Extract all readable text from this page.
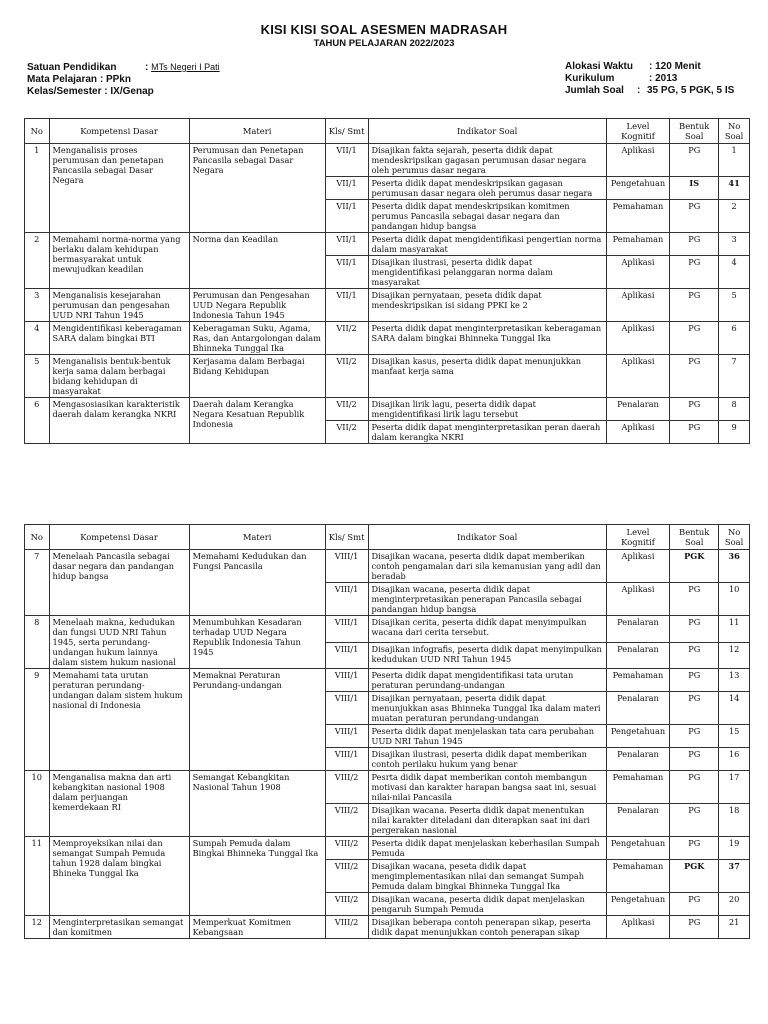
KISI KISI SOAL ASESMEN MADRASAH
TAHUN PELAJARAN 2022/2023
Satuan Pendidikan	: MTs Negeri I Pati
Mata Pelajaran : PPkn
Kelas/Semester : IX/Genap
Alokasi Waktu : 120 Menit
Kurikulum	: 2013
Jumlah Soal	: 35 PG, 5 PGK, 5 IS
No	Kompetensi Dasar	Materi	Kls/ Smt	Indikator Soal	Level Kognitif	Bentuk Soal	No Soal
1	Menganalisis proses perumusan dan penetapan Pancasila sebagai Dasar Negara	Perumusan dan Penetapan Pancasila sebagai Dasar Negara	VII/1	Disajikan fakta sejarah, peserta didik dapat mendeskripsikan gagasan perumusan dasar negara oleh perumus dasar negara	Aplikasi	PG	1
			VII/1	Peserta didik dapat mendeskripsikan gagasan perumusan dasar negara oleh perumus dasar negara	Pengetahuan	IS	41
			VII/1	Peserta didik dapat mendeskripsikan komitmen perumus Pancasila sebagai dasar negara dan pandangan hidup bangsa	Pemahaman	PG	2
2	Memahami norma-norma yang berlaku dalam kehidupan bermasyarakat untuk mewujudkan keadilan	Norma dan Keadilan	VII/1	Peserta didik dapat mengidentifikasi pengertian norma dalam masyarakat	Pemahaman	PG	3
			VII/1	Disajikan ilustrasi, peserta didik dapat mengidentifikasi pelanggaran norma dalam masyarakat	Aplikasi	PG	4
3	Menganalisis kesejarahan perumusan dan pengesahan UUD NRI Tahun 1945	Perumusan dan Pengesahan UUD Negara Republik Indonesia Tahun 1945	VII/1	Disajikan pernyataan, peseta didik dapat mendeskripsikan isi sidang PPKI ke 2	Aplikasi	PG	5
4	Mengidentifikasi keberagaman SARA dalam bingkai BTI	Keberagaman Suku, Agama, Ras, dan Antargolongan dalam Bhinneka Tunggal Ika	VII/2	Peserta didik dapat menginterpretasikan keberagaman SARA dalam bingkai Bhinneka Tunggal Ika	Aplikasi	PG	6
5	Menganalisis bentuk-bentuk kerja sama dalam berbagai bidang kehidupan di masyarakat	Kerjasama dalam Berbagai Bidang Kehidupan	VII/2	Disajikan kasus, peserta didik dapat menunjukkan manfaat kerja sama	Aplikasi	PG	7
6	Mengasosiasikan karakteristik daerah dalam kerangka NKRI	Daerah dalam Kerangka Negara Kesatuan Republik Indonesia	VII/2	Disajikan lirik lagu, peserta didik dapat mengidentifikasi lirik lagu tersebut	Penalaran	PG	8
			VII/2	Peserta didik dapat menginterpretasikan peran daerah dalam kerangka NKRI	Aplikasi	PG	9
No	Kompetensi Dasar	Materi	Kls/ Smt	Indikator Soal	Level Kognitif	Bentuk Soal	No Soal
7	Menelaah Pancasila sebagai dasar negara dan pandangan hidup bangsa	Memahami Kedudukan dan Fungsi Pancasila	VIII/1	Disajikan wacana, peserta didik dapat memberikan contoh pengamalan dari sila kemanusian yang adil dan beradab	Aplikasi	PGK	36
			VIII/1	Disajikan wacana, peserta didik dapat menginterpretasikan penerapan Pancasila sebagai pandangan hidup bangsa	Aplikasi	PG	10
8	Menelaah makna, kedudukan dan fungsi UUD NRI Tahun 1945, serta perundang-undangan hukum lainnya dalam sistem hukum nasional	Menumbuhkan Kesadaran terhadap UUD Negara Republik Indonesia Tahun 1945	VIII/1	Disajikan cerita, peserta didik dapat menyimpulkan wacana dari cerita tersebut.	Penalaran	PG	11
			VIII/1	Disajikan infografis, peserta didik dapat menyimpulkan kedudukan UUD NRI Tahun 1945	Penalaran	PG	12
9	Memahami tata urutan peraturan perundang-undangan dalam sistem hukum nasional di Indonesia	Memaknai Peraturan Perundang-undangan	VIII/1	Peserta didik dapat mengidentifikasi tata urutan peraturan perundang-undangan	Pemahaman	PG	13
			VIII/1	Disajikan pernyataan, peserta didik dapat menunjukkan asas Bhinneka Tunggal Ika dalam materi muatan peraturan perundang-undangan	Penalaran	PG	14
			VIII/1	Peserta didik dapat menjelaskan tata cara perubahan UUD NRI Tahun 1945	Pengetahuan	PG	15
			VIII/1	Disajikan ilustrasi, peserta didik dapat memberikan contoh perilaku hukum yang benar	Penalaran	PG	16
10	Menganalisa makna dan arti kebangkitan nasional 1908 dalam perjuangan kemerdekaan RI	Semangat Kebangkitan Nasional Tahun 1908	VIII/2	Pesrta didik dapat memberikan contoh membangun motivasi dan karakter harapan bangsa saat ini, sesuai nilai-nilai Pancasila	Pemahaman	PG	17
			VIII/2	Disajikan wacana. Peserta didik dapat menentukan nilai karakter diteladani dan diterapkan saat ini dari pergerakan nasional	Penalaran	PG	18
11	Memproyeksikan nilai dan semangat Sumpah Pemuda tahun 1928 dalam bingkai Bhineka Tunggal Ika	Sumpah Pemuda dalam Bingkai Bhinneka Tunggal Ika	VIII/2	Peserta didik dapat menjelaskan keberhasilan Sumpah Pemuda	Pengetahuan	PG	19
			VIII/2	Disajikan wacana, peseta didik dapat mengimplementasikan nilai dan semangat Sumpah Pemuda dalam bingkai Bhinneka Tunggal Ika	Pemahaman	PGK	37
			VIII/2	Disajikan wacana, peserta didik dapat menjelaskan pengaruh Sumpah Pemuda	Pengetahuan	PG	20
12	Menginterpretasikan semangat dan komitmen	Memperkuat Komitmen Kebangsaan	VIII/2	Disajikan beberapa contoh penerapan sikap, peserta didik dapat menunjukkan contoh penerapan sikap	Aplikasi	PG	21
